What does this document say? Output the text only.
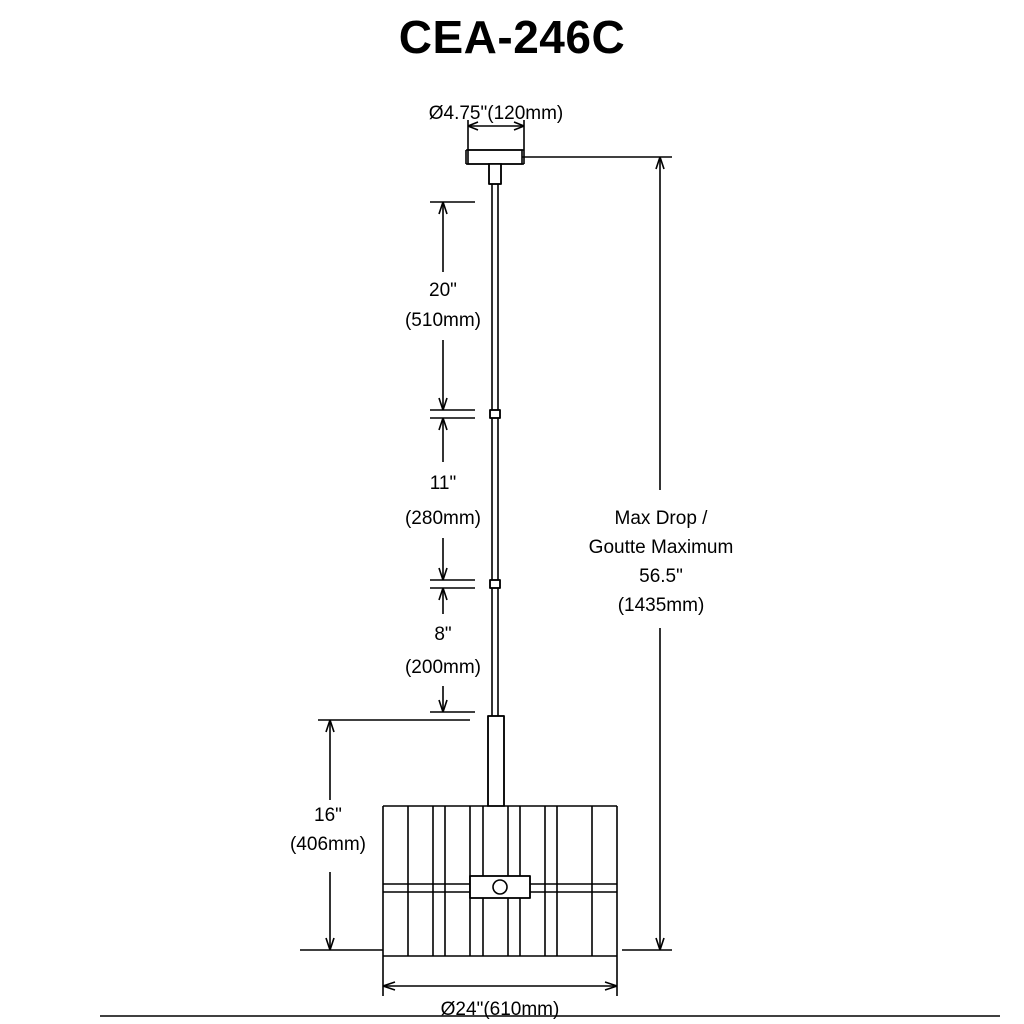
CEA-246C
Ø4.75"(120mm)
20"
(510mm)
11"
(280mm)
8"
(200mm)
16"
(406mm)
Max Drop /
Goutte Maximum
56.5"
(1435mm)
Ø24"(610mm)
